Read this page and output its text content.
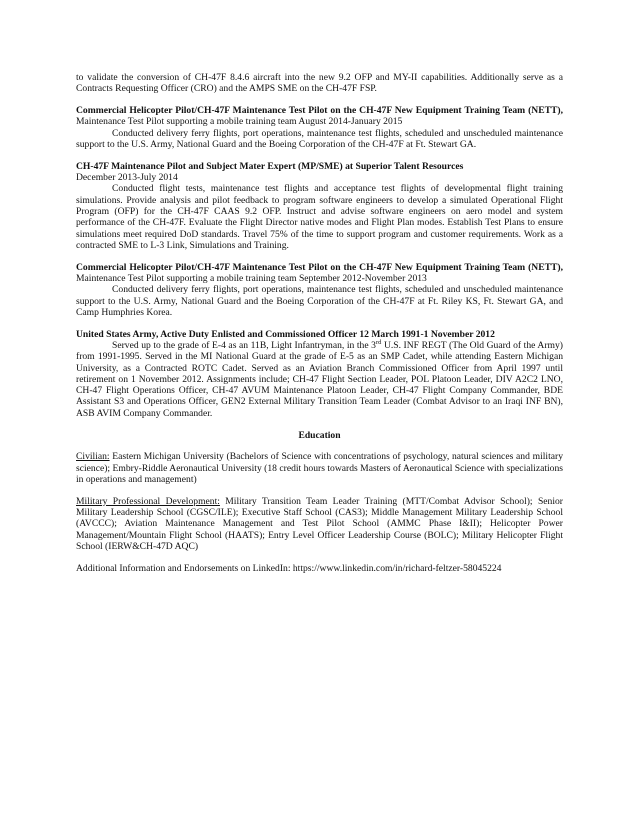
to validate the conversion of CH-47F 8.4.6 aircraft into the new 9.2 OFP and MY-II capabilities. Additionally serve as a Contracts Requesting Officer (CRO) and the AMPS SME on the CH-47F FSP.

Commercial Helicopter Pilot/CH-47F Maintenance Test Pilot on the CH-47F New Equipment Training Team (NETT), Maintenance Test Pilot supporting a mobile training team August 2014-January 2015

Conducted delivery ferry flights, port operations, maintenance test flights, scheduled and unscheduled maintenance support to the U.S. Army, National Guard and the Boeing Corporation of the CH-47F at Ft. Stewart GA.

CH-47F Maintenance Pilot and Subject Mater Expert (MP/SME) at Superior Talent Resources

December 2013-July 2014

Conducted flight tests, maintenance test flights and acceptance test flights of developmental flight training simulations. Provide analysis and pilot feedback to program software engineers to develop a simulated Operational Flight Program (OFP) for the CH-47F CAAS 9.2 OFP. Instruct and advise software engineers on aero model and system performance of the CH-47F. Evaluate the Flight Director native modes and Flight Plan modes. Establish Test Plans to ensure simulations meet required DoD standards. Travel 75% of the time to support program and customer requirements. Work as a contracted SME to L-3 Link, Simulations and Training.

Commercial Helicopter Pilot/CH-47F Maintenance Test Pilot on the CH-47F New Equipment Training Team (NETT), Maintenance Test Pilot supporting a mobile training team September 2012-November 2013

Conducted delivery ferry flights, port operations, maintenance test flights, scheduled and unscheduled maintenance support to the U.S. Army, National Guard and the Boeing Corporation of the CH-47F at Ft. Riley KS, Ft. Stewart GA, and Camp Humphries Korea.

United States Army, Active Duty Enlisted and Commissioned Officer 12 March 1991-1 November 2012

Served up to the grade of E-4 as an 11B, Light Infantryman, in the 3rd U.S. INF REGT (The Old Guard of the Army) from 1991-1995. Served in the MI National Guard at the grade of E-5 as an SMP Cadet, while attending Eastern Michigan University, as a Contracted ROTC Cadet. Served as an Aviation Branch Commissioned Officer from April 1997 until retirement on 1 November 2012. Assignments include; CH-47 Flight Section Leader, POL Platoon Leader, DIV A2C2 LNO, CH-47 Flight Operations Officer, CH-47 AVUM Maintenance Platoon Leader, CH-47 Flight Company Commander, BDE Assistant S3 and Operations Officer, GEN2 External Military Transition Team Leader (Combat Advisor to an Iraqi INF BN), ASB AVIM Company Commander.

Education

Civilian: Eastern Michigan University (Bachelors of Science with concentrations of psychology, natural sciences and military science); Embry-Riddle Aeronautical University (18 credit hours towards Masters of Aeronautical Science with specializations in operations and management)

Military Professional Development: Military Transition Team Leader Training (MTT/Combat Advisor School); Senior Military Leadership School (CGSC/ILE); Executive Staff School (CAS3); Middle Management Military Leadership School (AVCCC); Aviation Maintenance Management and Test Pilot School (AMMC Phase I&II); Helicopter Power Management/Mountain Flight School (HAATS); Entry Level Officer Leadership Course (BOLC); Military Helicopter Flight School (IERW&CH-47D AQC)

Additional Information and Endorsements on LinkedIn: https://www.linkedin.com/in/richard-feltzer-58045224
